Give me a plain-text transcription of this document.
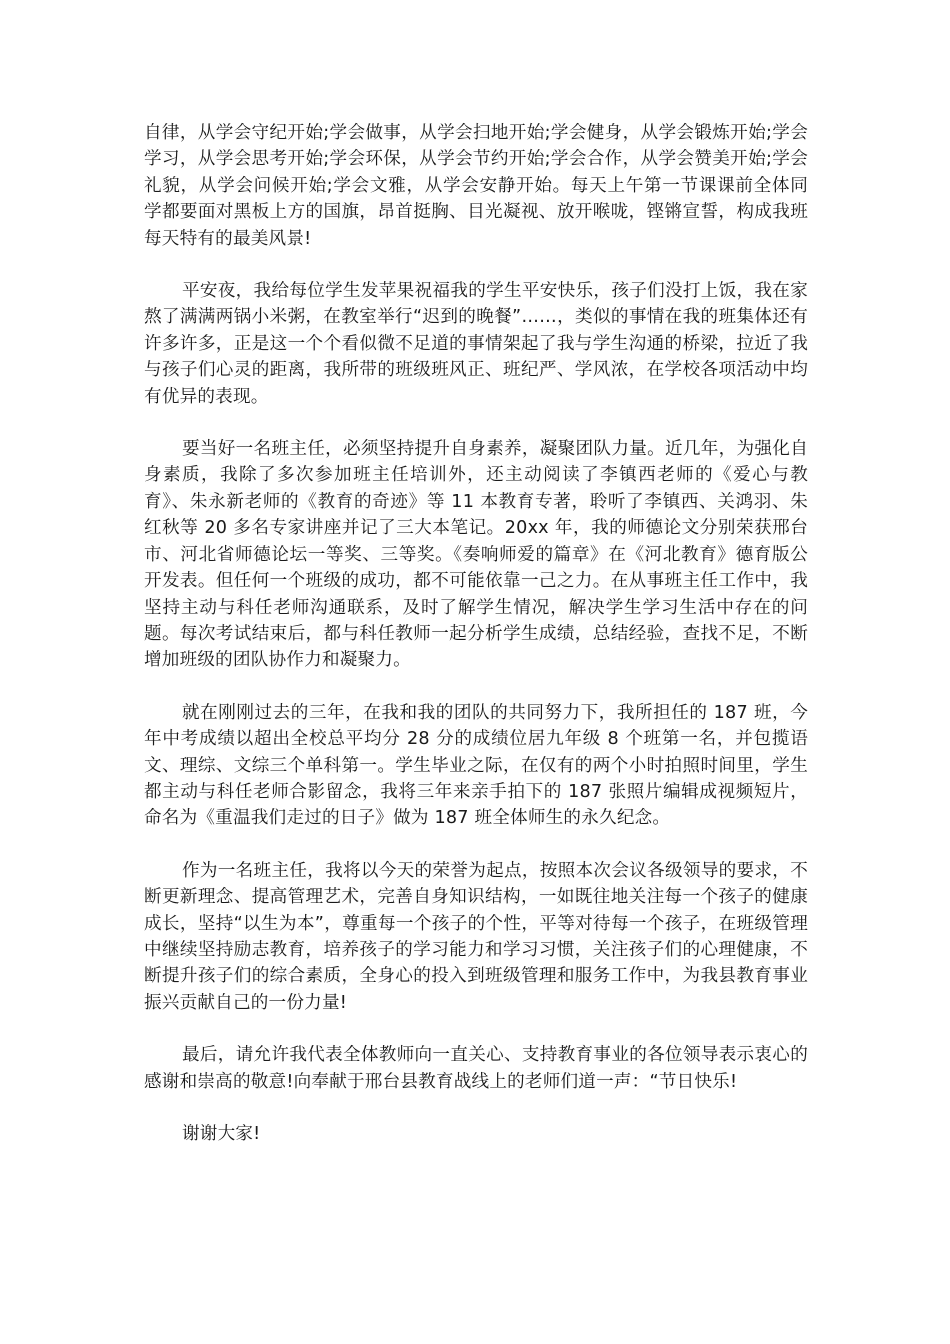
自律，从学会守纪开始;学会做事，从学会扫地开始;学会健身，从学会锻炼开始;学会学习，从学会思考开始;学会环保，从学会节约开始;学会合作，从学会赞美开始;学会礼貌，从学会问候开始;学会文雅，从学会安静开始。每天上午第一节课课前全体同学都要面对黑板上方的国旗，昂首挺胸、目光凝视、放开喉咙，铿锵宣誓，构成我班每天特有的最美风景!

平安夜，我给每位学生发苹果祝福我的学生平安快乐，孩子们没打上饭，我在家熬了满满两锅小米粥，在教室举行“迟到的晚餐”……，类似的事情在我的班集体还有许多许多，正是这一个个看似微不足道的事情架起了我与学生沟通的桥梁，拉近了我与孩子们心灵的距离，我所带的班级班风正、班纪严、学风浓，在学校各项活动中均有优异的表现。

要当好一名班主任，必须坚持提升自身素养，凝聚团队力量。近几年，为强化自身素质，我除了多次参加班主任培训外，还主动阅读了李镇西老师的《爱心与教育》、朱永新老师的《教育的奇迹》等 11 本教育专著，聆听了李镇西、关鸿羽、朱红秋等 20 多名专家讲座并记了三大本笔记。20xx 年，我的师德论文分别荣获邢台市、河北省师德论坛一等奖、三等奖。《奏响师爱的篇章》在《河北教育》德育版公开发表。但任何一个班级的成功，都不可能依靠一己之力。在从事班主任工作中，我坚持主动与科任老师沟通联系，及时了解学生情况，解决学生学习生活中存在的问题。每次考试结束后，都与科任教师一起分析学生成绩，总结经验，查找不足，不断增加班级的团队协作力和凝聚力。

就在刚刚过去的三年，在我和我的团队的共同努力下，我所担任的 187 班，今年中考成绩以超出全校总平均分 28 分的成绩位居九年级 8 个班第一名，并包揽语文、理综、文综三个单科第一。学生毕业之际，在仅有的两个小时拍照时间里，学生都主动与科任老师合影留念，我将三年来亲手拍下的 187 张照片编辑成视频短片，命名为《重温我们走过的日子》做为 187 班全体师生的永久纪念。

作为一名班主任，我将以今天的荣誉为起点，按照本次会议各级领导的要求，不断更新理念、提高管理艺术，完善自身知识结构，一如既往地关注每一个孩子的健康成长，坚持“以生为本”，尊重每一个孩子的个性，平等对待每一个孩子，在班级管理中继续坚持励志教育，培养孩子的学习能力和学习习惯，关注孩子们的心理健康，不断提升孩子们的综合素质，全身心的投入到班级管理和服务工作中，为我县教育事业振兴贡献自己的一份力量!

最后，请允许我代表全体教师向一直关心、支持教育事业的各位领导表示衷心的感谢和崇高的敬意!向奉献于邢台县教育战线上的老师们道一声：“节日快乐!

谢谢大家!
